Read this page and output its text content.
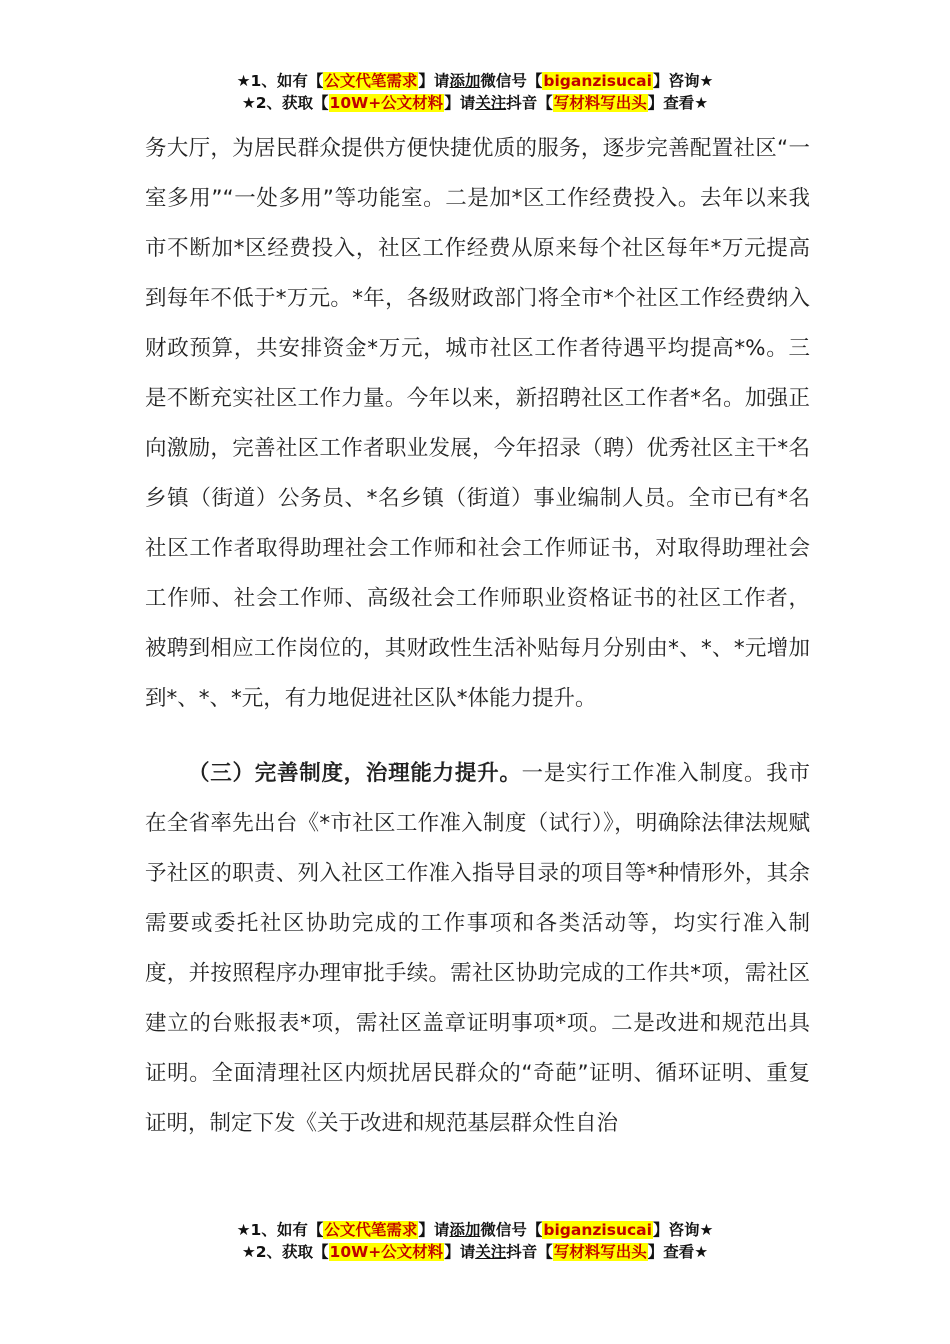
★1、如有【公文代笔需求】请添加微信号【biganzisucai】咨询★
★2、获取【10W+公文材料】请关注抖音【写材料写出头】查看★

务大厅，为居民群众提供方便快捷优质的服务，逐步完善配置社区“一室多用”“一处多用”等功能室。二是加*区工作经费投入。去年以来我市不断加*区经费投入，社区工作经费从原来每个社区每年*万元提高到每年不低于*万元。*年，各级财政部门将全市*个社区工作经费纳入财政预算，共安排资金*万元，城市社区工作者待遇平均提高*%。三是不断充实社区工作力量。今年以来，新招聘社区工作者*名。加强正向激励，完善社区工作者职业发展，今年招录（聘）优秀社区主干*名乡镇（街道）公务员、*名乡镇（街道）事业编制人员。全市已有*名社区工作者取得助理社会工作师和社会工作师证书，对取得助理社会工作师、社会工作师、高级社会工作师职业资格证书的社区工作者，被聘到相应工作岗位的，其财政性生活补贴每月分别由*、*、*元增加到*、*、*元，有力地促进社区队*体能力提升。

（三）完善制度，治理能力提升。一是实行工作准入制度。我市在全省率先出台《*市社区工作准入制度（试行）》，明确除法律法规赋予社区的职责、列入社区工作准入指导目录的项目等*种情形外，其余需要或委托社区协助完成的工作事项和各类活动等，均实行准入制度，并按照程序办理审批手续。需社区协助完成的工作共*项，需社区建立的台账报表*项，需社区盖章证明事项*项。二是改进和规范出具证明。全面清理社区内烦扰居民群众的“奇葩”证明、循环证明、重复证明，制定下发《关于改进和规范基层群众性自治

★1、如有【公文代笔需求】请添加微信号【biganzisucai】咨询★
★2、获取【10W+公文材料】请关注抖音【写材料写出头】查看★
